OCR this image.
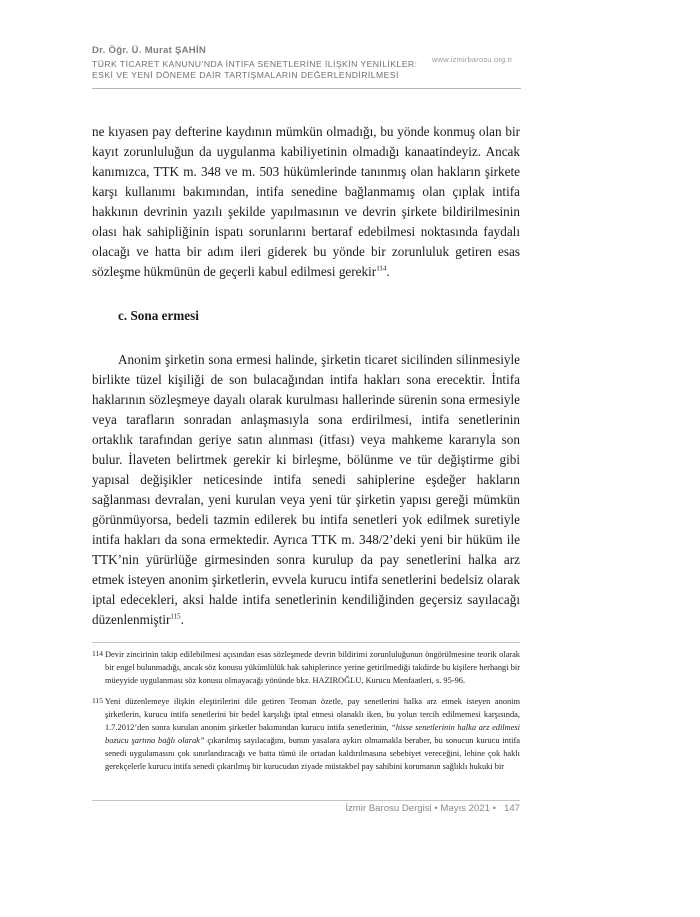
Dr. Öğr. Ü. Murat ŞAHİN
TÜRK TİCARET KANUNU’NDA İNTİFA SENETLERİNE İLİŞKİN YENİLİKLER:
ESKİ VE YENİ DÖNEME DAİR TARTIŞMALARIN DEĞERLENDİRİLMESİ
www.izmirbarosu.org.tr

ne kıyasen pay defterine kaydının mümkün olmadığı, bu yönde konmuş olan bir kayıt zorunluluğun da uygulanma kabiliyetinin olmadığı kanaatindeyiz. Ancak kanımızca, TTK m. 348 ve m. 503 hükümlerinde tanınmış olan hakların şirkete karşı kullanımı bakımından, intifa senedine bağlanmamış olan çıplak intifa hakkının devrinin yazılı şekilde yapılmasının ve devrin şirkete bildirilmesinin olası hak sahipliğinin ispatı sorunlarını bertaraf edebilmesi noktasında faydalı olacağı ve hatta bir adım ileri giderek bu yönde bir zorunluluk getiren esas sözleşme hükmünün de geçerli kabul edilmesi gerekir$^{114}$.

c. Sona ermesi

Anonim şirketin sona ermesi halinde, şirketin ticaret sicilinden silinmesiyle birlikte tüzel kişiliği de son bulacağından intifa hakları sona erecektir. İntifa haklarının sözleşmeye dayalı olarak kurulması hallerinde sürenin sona ermesiyle veya tarafların sonradan anlaşmasıyla sona erdirilmesi, intifa senetlerinin ortaklık tarafından geriye satın alınması (itfası) veya mahkeme kararıyla son bulur. İlaveten belirtmek gerekir ki birleşme, bölünme ve tür değiştirme gibi yapısal değişikler neticesinde intifa senedi sahiplerine eşdeğer hakların sağlanması devralan, yeni kurulan veya yeni tür şirketin yapısı gereği mümkün görünmüyorsa, bedeli tazmin edilerek bu intifa senetleri yok edilmek suretiyle intifa hakları da sona ermektedir. Ayrıca TTK m. 348/2’deki yeni bir hüküm ile TTK’nin yürürlüğe girmesinden sonra kurulup da pay senetlerini halka arz etmek isteyen anonim şirketlerin, evvela kurucu intifa senetlerini bedelsiz olarak iptal edecekleri, aksi halde intifa senetlerinin kendiliğinden geçersiz sayılacağı düzenlenmiştir$^{115}$.

114 Devir zincirinin takip edilebilmesi açısından esas sözleşmede devrin bildirimi zorunluluğunun öngörülmesine teorik olarak bir engel bulunmadığı, ancak söz konusu yükümlülük hak sahiplerince yerine getirilmediği takdirde bu kişilere herhangi bir müeyyide uygulanması söz konusu olmayacağı yönünde bkz. HAZIROĞLU, Kurucu Menfaatleri, s. 95-96.
115 Yeni düzenlemeye ilişkin eleştirilerini dile getiren Teoman özetle, pay senetlerini halka arz etmek isteyen anonim şirketlerin, kurucu intifa senetlerini bir bedel karşılığı iptal etmesi olanaklı iken, bu yolun tercih edilmemesi karşısında, 1.7.2012’den sonra kurulan anonim şirketler bakımından kurucu intifa senetlerinin, “hisse senetlerinin halka arz edilmesi bozucu şartına bağlı olarak” çıkarılmış sayılacağını, bunun yasalara aykırı olmamakla beraber, bu sonucun kurucu intifa senedi uygulamasını çok sınırlandıracağı ve hatta tümü ile ortadan kaldırılmasına sebebiyet vereceğini, lehine çok haklı gerekçelerle kurucu intifa senedi çıkarılmış bir kurucudan ziyade müstakbel pay sahibini korumanın sağlıklı hukuki bir
İzmir Barosu Dergisi • Mayıs 2021 • 147
